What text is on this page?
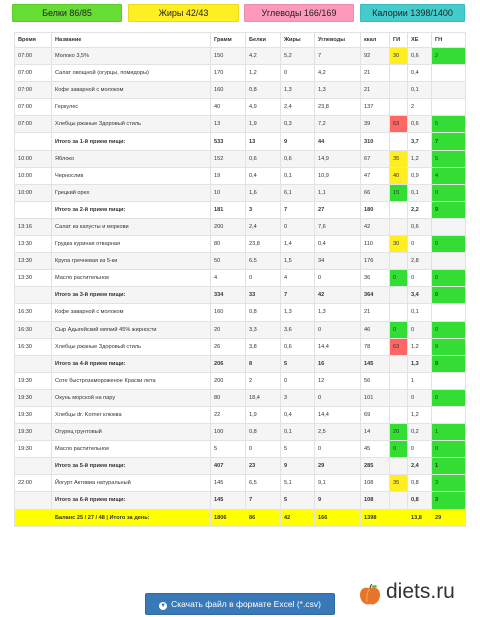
Белки 86/85	Жиры 42/43	Углеводы 166/169	Калории 1398/1400
Время	Название	Грамм	Белки	Жиры	Углеводы	ккал	ГИ	ХЕ	ГН
07:00	Молоко 3,5%	150	4,2	5,2	7	92	30	0,6	2
07:00	Салат овощной (огурцы, помидоры)	170	1,2	0	4,2	21		0,4	
07:00	Кофе заварной с молоком	160	0,8	1,3	1,3	21		0,1	
07:00	Геркулес	40	4,9	2,4	23,8	137		2	
07:00	Хлебцы ржаные Здоровый стиль	13	1,9	0,3	7,2	39	63	0,6	5
	Итого за 1-й прием пищи:	533	13	9	44	310		3,7	7
10:00	Яблоко	152	0,6	0,6	14,9	67	35	1,2	5
10:00	Чернослив	19	0,4	0,1	10,9	47	40	0,9	4
10:00	Грецкий орех	10	1,6	6,1	1,1	66	15	0,1	0
	Итого за 2-й прием пищи:	181	3	7	27	180		2,2	9
13:16	Салат из капусты и моркови	200	2,4	0	7,6	42		0,6	
13:30	Грудка куриная отварная	80	23,8	1,4	0,4	110	30	0	0
13:30	Крупа гречневая из 5-ки	50	6,5	1,5	34	176		2,8	
13:30	Масло растительное	4	0	4	0	36	0	0	0
	Итого за 3-й прием пищи:	334	33	7	42	364		3,4	0
16:30	Кофе заварной с молоком	160	0,8	1,3	1,3	21		0,1	
16:30	Сыр Адыгейский мягкий 45% жирности	20	3,3	3,6	0	46	0	0	0
16:30	Хлебцы ржаные Здоровый стиль	26	3,8	0,6	14,4	78	63	1,2	9
	Итого за 4-й прием пищи:	206	8	5	16	145		1,3	9
19:30	Соте быстрозамороженое Краски лета	200	2	0	12	56		1	
19:30	Окунь морской на пару	80	18,4	3	0	101		0	0
19:30	Хлебцы dr. Korner клюква	22	1,9	0,4	14,4	69		1,2	
19:30	Огурец грунтовый	100	0,8	0,1	2,5	14	20	0,2	1
19:30	Масло растительное	5	0	5	0	45	0	0	0
	Итого за 5-й прием пищи:	407	23	9	29	285		2,4	1
22:00	Йогурт Активиа натуральный	145	6,5	5,1	9,1	108	35	0,8	3
	Итого за 6-й прием пищи:	145	7	5	9	108		0,8	3
	Баланс 25 / 27 / 48 | Итого за день:	1806	86	42	166	1398		13,8	29
▼ Скачать файл в формате Excel (*.csv)
diets.ru
